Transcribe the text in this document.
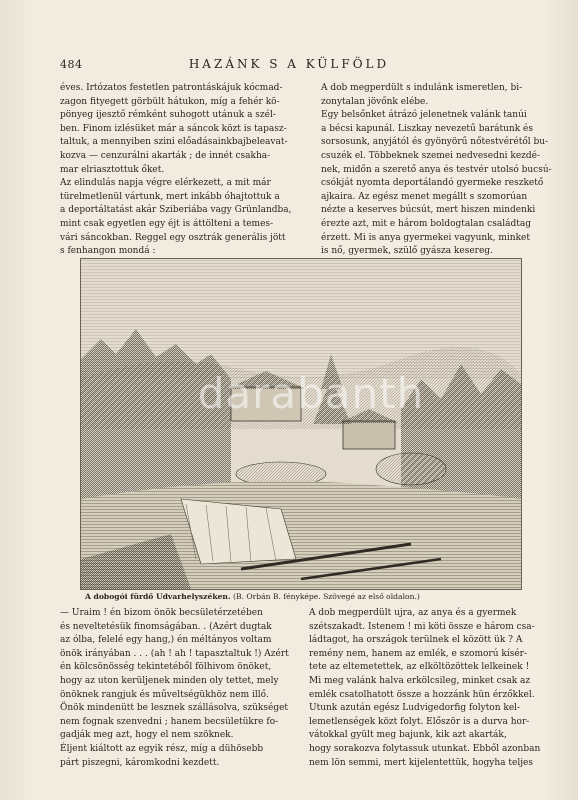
484	HAZÁNK S A KÜLFÖLD
éves. Irtózatos festetlen patrontáskájuk kócmad-
zagon fityegett görbült hátukon, míg a fehér kö-
pönyeg ijesztő rémként suhogott utánuk a szél-
ben. Finom izlésüket már a sáncok közt is tapasz-
taltuk, a mennyiben szini előadásainkbajbeleavat-
kozva — cenzurálni akarták ; de innét csakha-
mar elriasztottuk őket.
Az elindulás napja végre elérkezett, a mit már
türelmetlenül vártunk, mert inkább óhajtottuk a
a deportáltatást akár Sziberiába vagy Grünlandba,
mint csak egyetlen egy éjt is áttölteni a temes-
vári sáncokban. Reggel egy osztrák generális jött
s fenhangon mondá :
A dob megperdült s indulánk ismeretlen, bi-
zonytalan jövőnk elébe.
Egy belsőnket átrázó jelenetnek valánk tanúi
a bécsi kapunál. Liszkay nevezetű barátunk és
sorsosunk, anyjától és gyönyörű nőtestvérétől bu-
csuzék el. Többeknek szemei nedvesedni kezdé-
nek, midőn a szerető anya és testvér utolsó bucsú-
csókját nyomta deportálandó gyermeke reszkető
ajkaira. Az egész menet megállt s szomorúan
nézte a keserves búcsút, mert hiszen mindenki
érezte azt, mit e három boldogtalan családtag
érzett. Mi is anya gyermekei vagyunk, minket
is nő, gyermek, szülő gyásza kesereg.
darabanth
A dobogói fürdő Udvarhelyszéken. (B. Orbán B. fényképe. Szövegé az első oldalon.)
— Uraim ! én bizom önök becsületérzetében
és neveltetésük finomságában. . (Azért dugtak
az ólba, felelé egy hang,) én méltányos voltam
önök irányában . . . (ah ! ah ! tapasztaltuk !) Azért
én kölcsönösség tekintetéből fölhivom önöket,
hogy az uton kerüljenek minden oly tettet, mely
önöknek rangjuk és műveltségükhöz nem illő.
Önök mindenütt be lesznek szállásolva, szükséget
nem fognak szenvedni ; hanem becsületükre fo-
gadják meg azt, hogy el nem szöknek.
Éljent kiáltott az egyik rész, míg a dühösebb
párt piszegni, káromkodni kezdett.
A dob megperdült ujra, az anya és a gyermek
szétszakadt. Istenem ! mi köti össze e három csa-
ládtagot, ha országok terülnek el között ük ? A
remény nem, hanem az emlék, e szomorú kísér-
tete az eltemetettek, az elköltözöttek lelkeinek !
Mi meg valánk halva erkölcsileg, minket csak az
emlék csatolhatott össze a hozzánk hün érzőkkel.
Utunk azután egész Ludvigedorfig folyton kel-
lemetlenségek közt folyt. Először is a durva hor-
vátokkal gyült meg bajunk, kik azt akarták,
hogy sorakozva folytassuk utunkat. Ebből azonban
nem lön semmi, mert kijelentettük, hogyha teljes
